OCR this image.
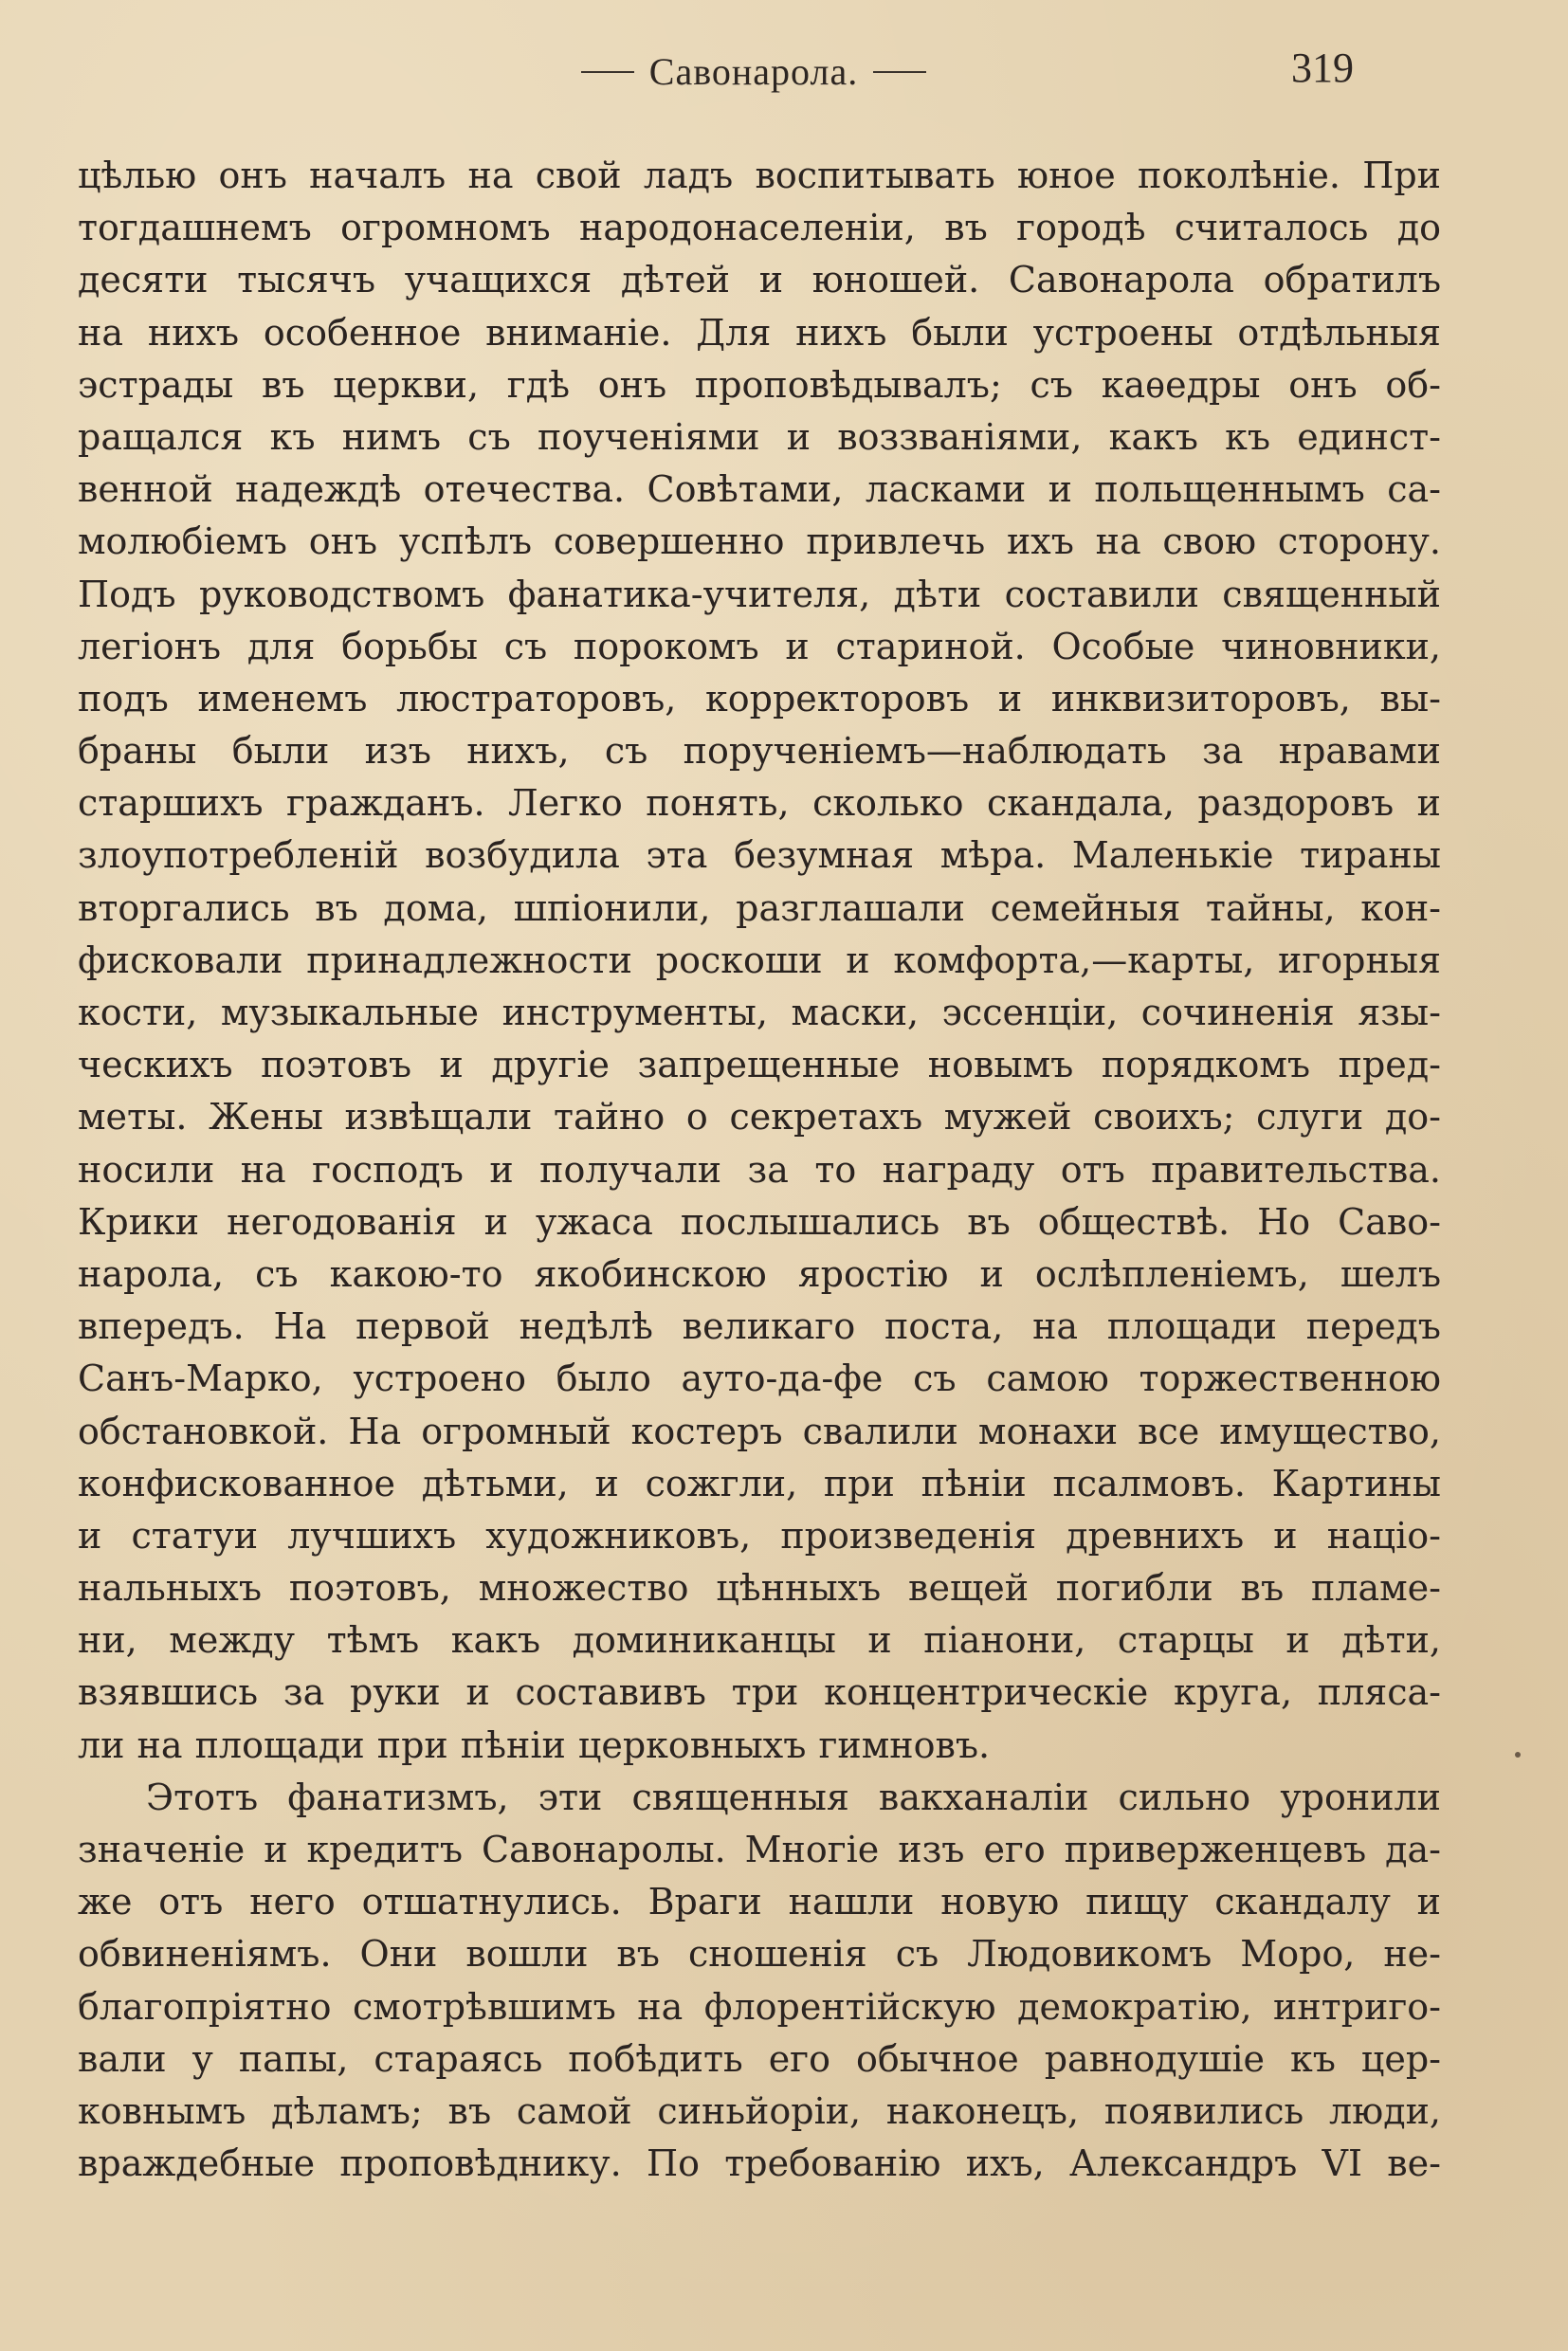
Савонарола.	319
цѣлью онъ началъ на свой ладъ воспитывать юное поколѣніе. При
тогдашнемъ огромномъ народонаселеніи, въ городѣ считалось до
десяти тысячъ учащихся дѣтей и юношей. Савонарола обратилъ
на нихъ особенное вниманіе. Для нихъ были устроены отдѣльныя
эстрады въ церкви, гдѣ онъ проповѣдывалъ; съ каѳедры онъ об-
ращался къ нимъ съ поученіями и воззваніями, какъ къ единст-
венной надеждѣ отечества. Совѣтами, ласками и польщеннымъ са-
молюбіемъ онъ успѣлъ совершенно привлечь ихъ на свою сторону.
Подъ руководствомъ фанатика-учителя, дѣти составили священный
легіонъ для борьбы съ порокомъ и стариной. Особые чиновники,
подъ именемъ люстраторовъ, корректоровъ и инквизиторовъ, вы-
браны были изъ нихъ, съ порученіемъ—наблюдать за нравами
старшихъ гражданъ. Легко понять, сколько скандала, раздоровъ и
злоупотребленій возбудила эта безумная мѣра. Маленькіе тираны
вторгались въ дома, шпіонили, разглашали семейныя тайны, кон-
фисковали принадлежности роскоши и комфорта,—карты, игорныя
кости, музыкальные инструменты, маски, эссенціи, сочиненія язы-
ческихъ поэтовъ и другіе запрещенные новымъ порядкомъ пред-
меты. Жены извѣщали тайно о секретахъ мужей своихъ; слуги до-
носили на господъ и получали за то награду отъ правительства.
Крики негодованія и ужаса послышались въ обществѣ. Но Саво-
нарола, съ какою-то якобинскою яростію и ослѣпленіемъ, шелъ
впередъ. На первой недѣлѣ великаго поста, на площади передъ
Санъ-Марко, устроено было ауто-да-фе съ самою торжественною
обстановкой. На огромный костеръ свалили монахи все имущество,
конфискованное дѣтьми, и сожгли, при пѣніи псалмовъ. Картины
и статуи лучшихъ художниковъ, произведенія древнихъ и націо-
нальныхъ поэтовъ, множество цѣнныхъ вещей погибли въ пламе-
ни, между тѣмъ какъ доминиканцы и піанони, старцы и дѣти,
взявшись за руки и составивъ три концентрическіе круга, пляса-
ли на площади при пѣніи церковныхъ гимновъ.
Этотъ фанатизмъ, эти священныя вакханаліи сильно уронили
значеніе и кредитъ Савонаролы. Многіе изъ его приверженцевъ да-
же отъ него отшатнулись. Враги нашли новую пищу скандалу и
обвиненіямъ. Они вошли въ сношенія съ Людовикомъ Моро, не-
благопріятно смотрѣвшимъ на флорентійскую демократію, интриго-
вали у папы, стараясь побѣдить его обычное равнодушіе къ цер-
ковнымъ дѣламъ; въ самой синьйоріи, наконецъ, появились люди,
враждебные проповѣднику. По требованію ихъ, Александръ VI ве-
